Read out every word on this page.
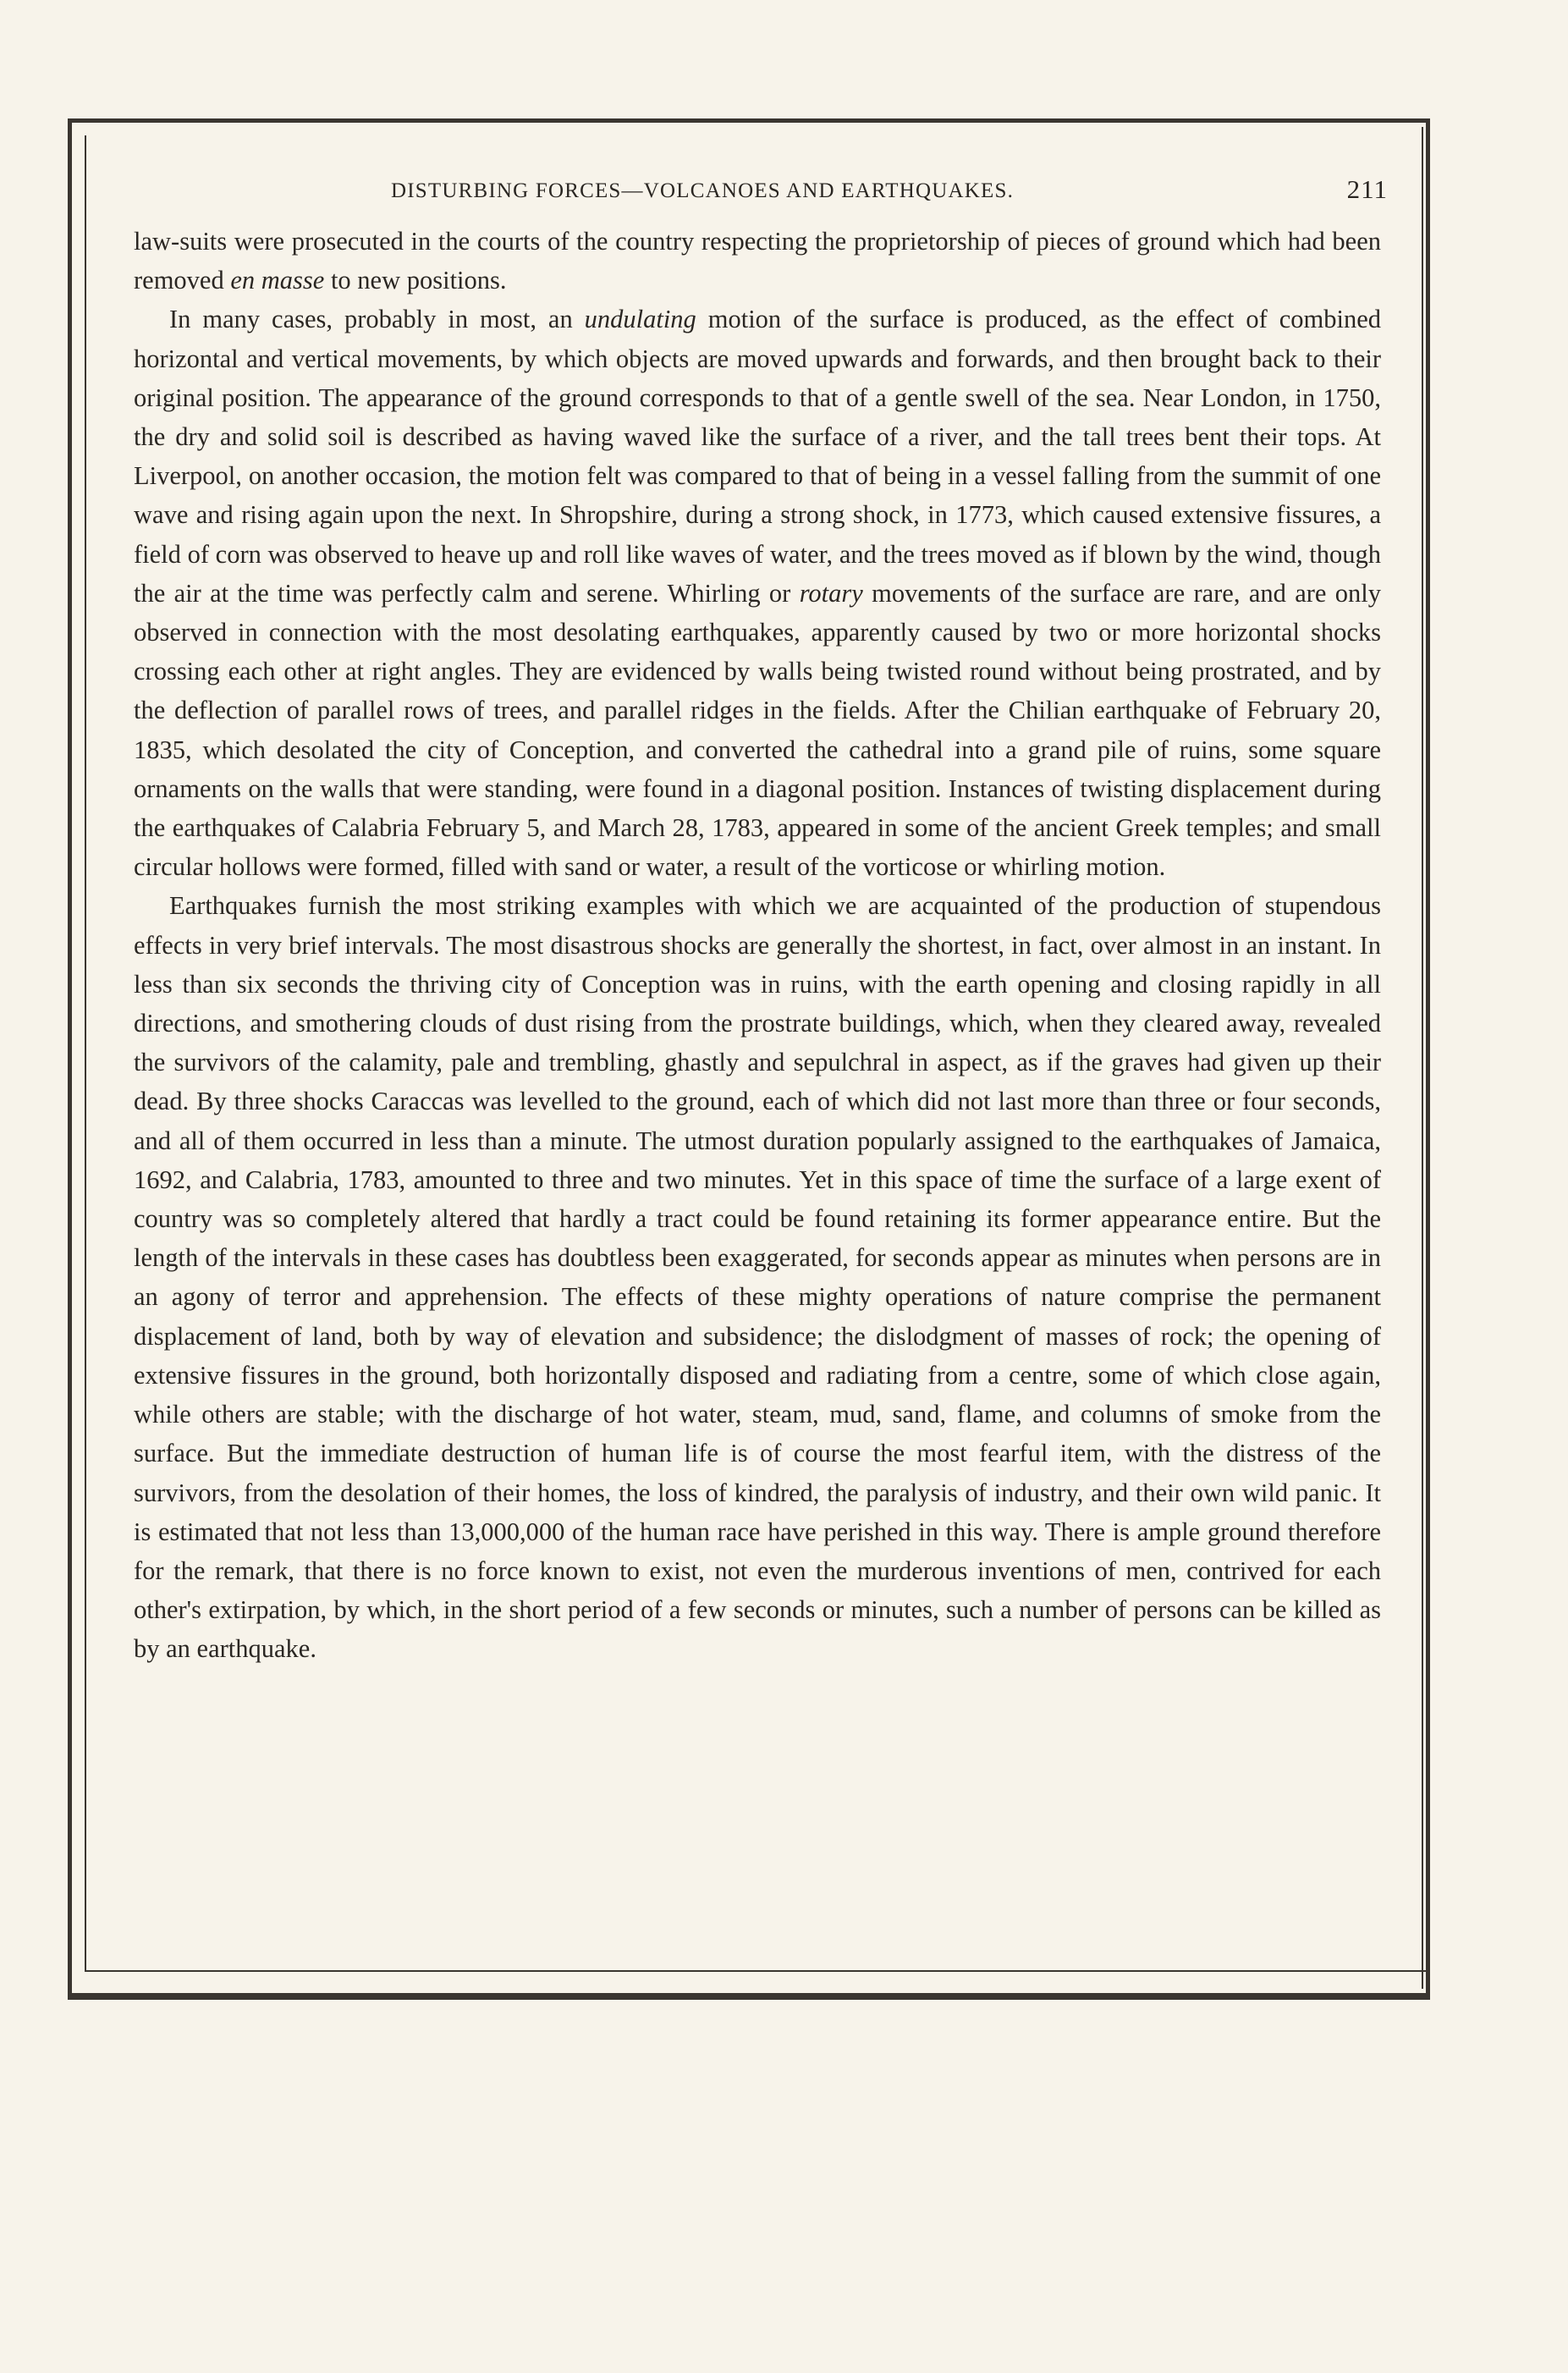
DISTURBING FORCES—VOLCANOES AND EARTHQUAKES.	211

law-suits were prosecuted in the courts of the country respecting the proprietorship of pieces of ground which had been removed en masse to new positions.

In many cases, probably in most, an undulating motion of the surface is produced, as the effect of combined horizontal and vertical movements, by which objects are moved upwards and forwards, and then brought back to their original position. The appearance of the ground corresponds to that of a gentle swell of the sea. Near London, in 1750, the dry and solid soil is described as having waved like the surface of a river, and the tall trees bent their tops. At Liverpool, on another occasion, the motion felt was compared to that of being in a vessel falling from the summit of one wave and rising again upon the next. In Shropshire, during a strong shock, in 1773, which caused extensive fissures, a field of corn was observed to heave up and roll like waves of water, and the trees moved as if blown by the wind, though the air at the time was perfectly calm and serene. Whirling or rotary movements of the surface are rare, and are only observed in connection with the most desolating earthquakes, apparently caused by two or more horizontal shocks crossing each other at right angles. They are evidenced by walls being twisted round without being prostrated, and by the deflection of parallel rows of trees, and parallel ridges in the fields. After the Chilian earthquake of February 20, 1835, which desolated the city of Conception, and converted the cathedral into a grand pile of ruins, some square ornaments on the walls that were standing, were found in a diagonal position. Instances of twisting displacement during the earthquakes of Calabria February 5, and March 28, 1783, appeared in some of the ancient Greek temples; and small circular hollows were formed, filled with sand or water, a result of the vorticose or whirling motion.

Earthquakes furnish the most striking examples with which we are acquainted of the production of stupendous effects in very brief intervals. The most disastrous shocks are generally the shortest, in fact, over almost in an instant. In less than six seconds the thriving city of Conception was in ruins, with the earth opening and closing rapidly in all directions, and smothering clouds of dust rising from the prostrate buildings, which, when they cleared away, revealed the survivors of the calamity, pale and trembling, ghastly and sepulchral in aspect, as if the graves had given up their dead. By three shocks Caraccas was levelled to the ground, each of which did not last more than three or four seconds, and all of them occurred in less than a minute. The utmost duration popularly assigned to the earthquakes of Jamaica, 1692, and Calabria, 1783, amounted to three and two minutes. Yet in this space of time the surface of a large exent of country was so completely altered that hardly a tract could be found retaining its former appearance entire. But the length of the intervals in these cases has doubtless been exaggerated, for seconds appear as minutes when persons are in an agony of terror and apprehension. The effects of these mighty operations of nature comprise the permanent displacement of land, both by way of elevation and subsidence; the dislodgment of masses of rock; the opening of extensive fissures in the ground, both horizontally disposed and radiating from a centre, some of which close again, while others are stable; with the discharge of hot water, steam, mud, sand, flame, and columns of smoke from the surface. But the immediate destruction of human life is of course the most fearful item, with the distress of the survivors, from the desolation of their homes, the loss of kindred, the paralysis of industry, and their own wild panic. It is estimated that not less than 13,000,000 of the human race have perished in this way. There is ample ground therefore for the remark, that there is no force known to exist, not even the murderous inventions of men, contrived for each other's extirpation, by which, in the short period of a few seconds or minutes, such a number of persons can be killed as by an earthquake.
